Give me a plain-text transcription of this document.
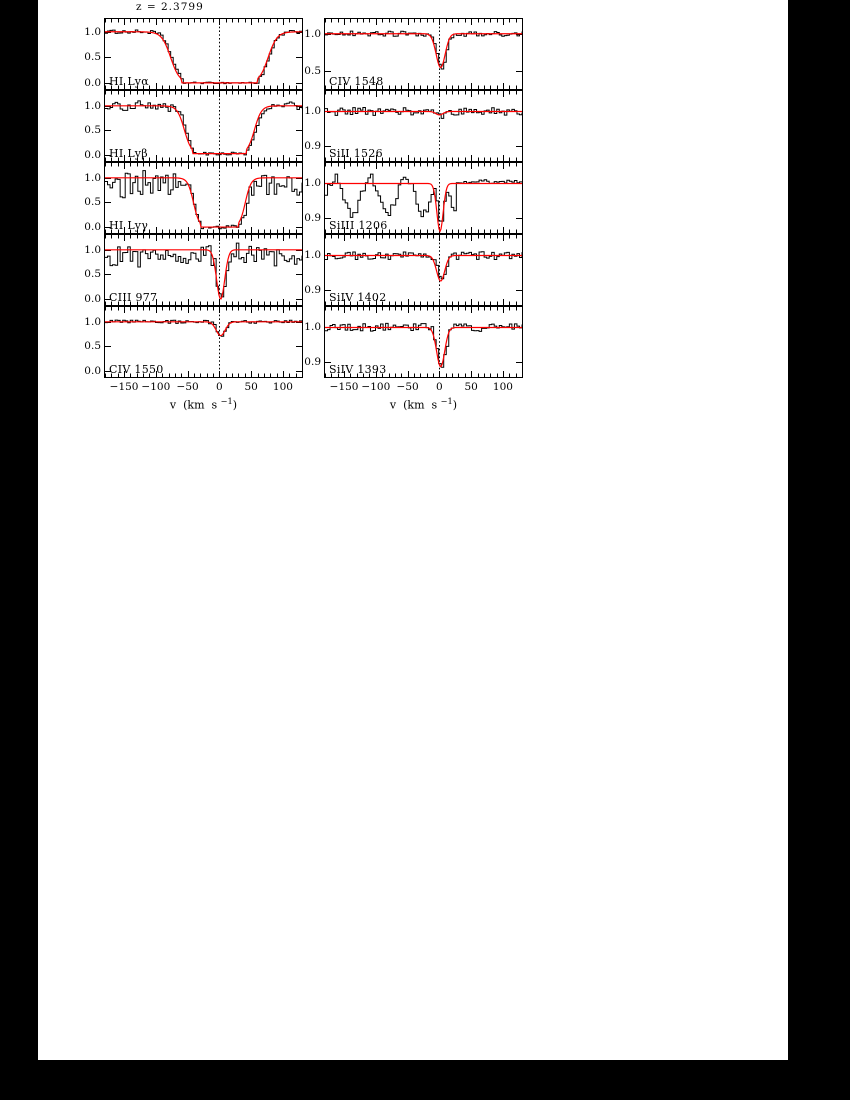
z = 2.3799
HI Lyα
0.0
0.5
1.0
HI Lyβ
0.0
0.5
1.0
HI Lyγ
0.0
0.5
1.0
CIII 977
0.0
0.5
1.0
CIV 1550
0.0
0.5
1.0
−150 −100 −50 0 50 100
v  (km  s $^{-1}$)
CIV 1548
0.5
1.0
SiII 1526
0.9
1.0
SiIII 1206
0.9
1.0
SiIV 1402
0.9
1.0
SiIV 1393
0.9
1.0
−150 −100 −50 0 50 100
v  (km  s $^{-1}$)
